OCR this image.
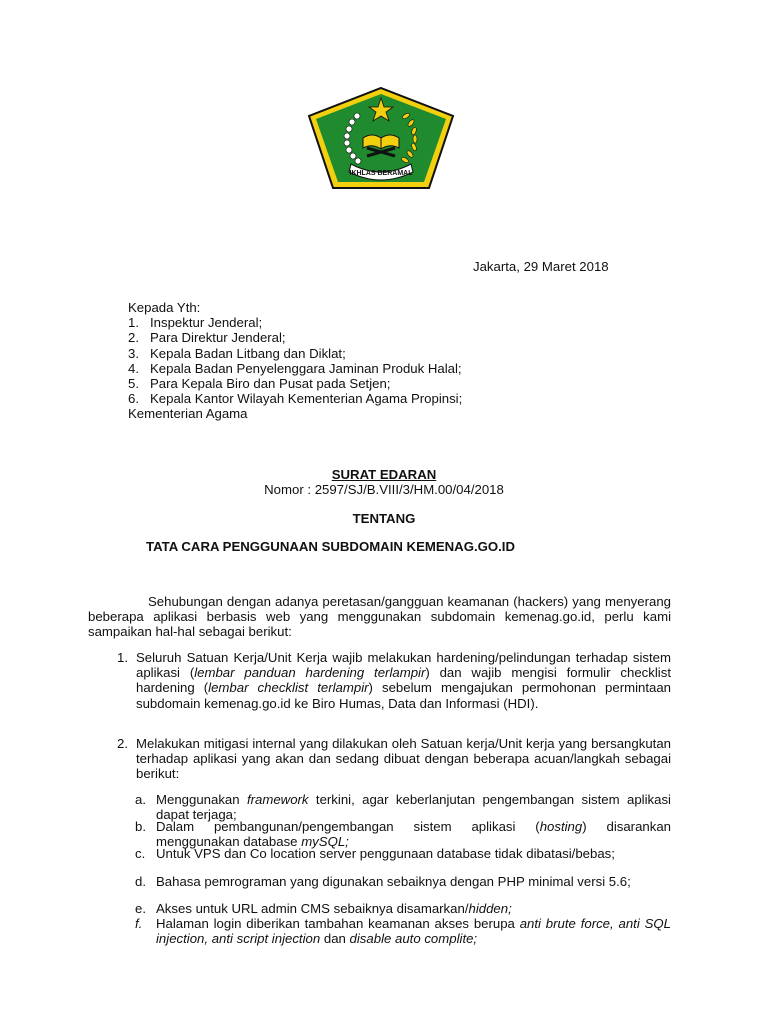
IKHLAS BERAMAL
Jakarta, 29 Maret 2018
Kepada Yth:
1. Inspektur Jenderal;
2. Para Direktur Jenderal;
3. Kepala Badan Litbang dan Diklat;
4. Kepala Badan Penyelenggara Jaminan Produk Halal;
5. Para Kepala Biro dan Pusat pada Setjen;
6. Kepala Kantor Wilayah Kementerian Agama Propinsi;
Kementerian Agama
SURAT EDARAN
Nomor : 2597/SJ/B.VIII/3/HM.00/04/2018
TENTANG
TATA CARA PENGGUNAAN SUBDOMAIN KEMENAG.GO.ID
Sehubungan dengan adanya peretasan/gangguan keamanan (hackers) yang menyerang beberapa aplikasi berbasis web yang menggunakan subdomain kemenag.go.id, perlu kami sampaikan hal-hal sebagai berikut:
1. Seluruh Satuan Kerja/Unit Kerja wajib melakukan hardening/pelindungan terhadap sistem aplikasi (lembar panduan hardening terlampir) dan wajib mengisi formulir checklist hardening (lembar checklist terlampir) sebelum mengajukan permohonan permintaan subdomain kemenag.go.id ke Biro Humas, Data dan Informasi (HDI).
2. Melakukan mitigasi internal yang dilakukan oleh Satuan kerja/Unit kerja yang bersangkutan terhadap aplikasi yang akan dan sedang dibuat dengan beberapa acuan/langkah sebagai berikut:
a. Menggunakan framework terkini, agar keberlanjutan pengembangan sistem aplikasi dapat terjaga;
b. Dalam pembangunan/pengembangan sistem aplikasi (hosting) disarankan menggunakan database mySQL;
c. Untuk VPS dan Co location server penggunaan database tidak dibatasi/bebas;
d. Bahasa pemrograman yang digunakan sebaiknya dengan PHP minimal versi 5.6;
e. Akses untuk URL admin CMS sebaiknya disamarkan/hidden;
f. Halaman login diberikan tambahan keamanan akses berupa anti brute force, anti SQL injection, anti script injection dan disable auto complite;
